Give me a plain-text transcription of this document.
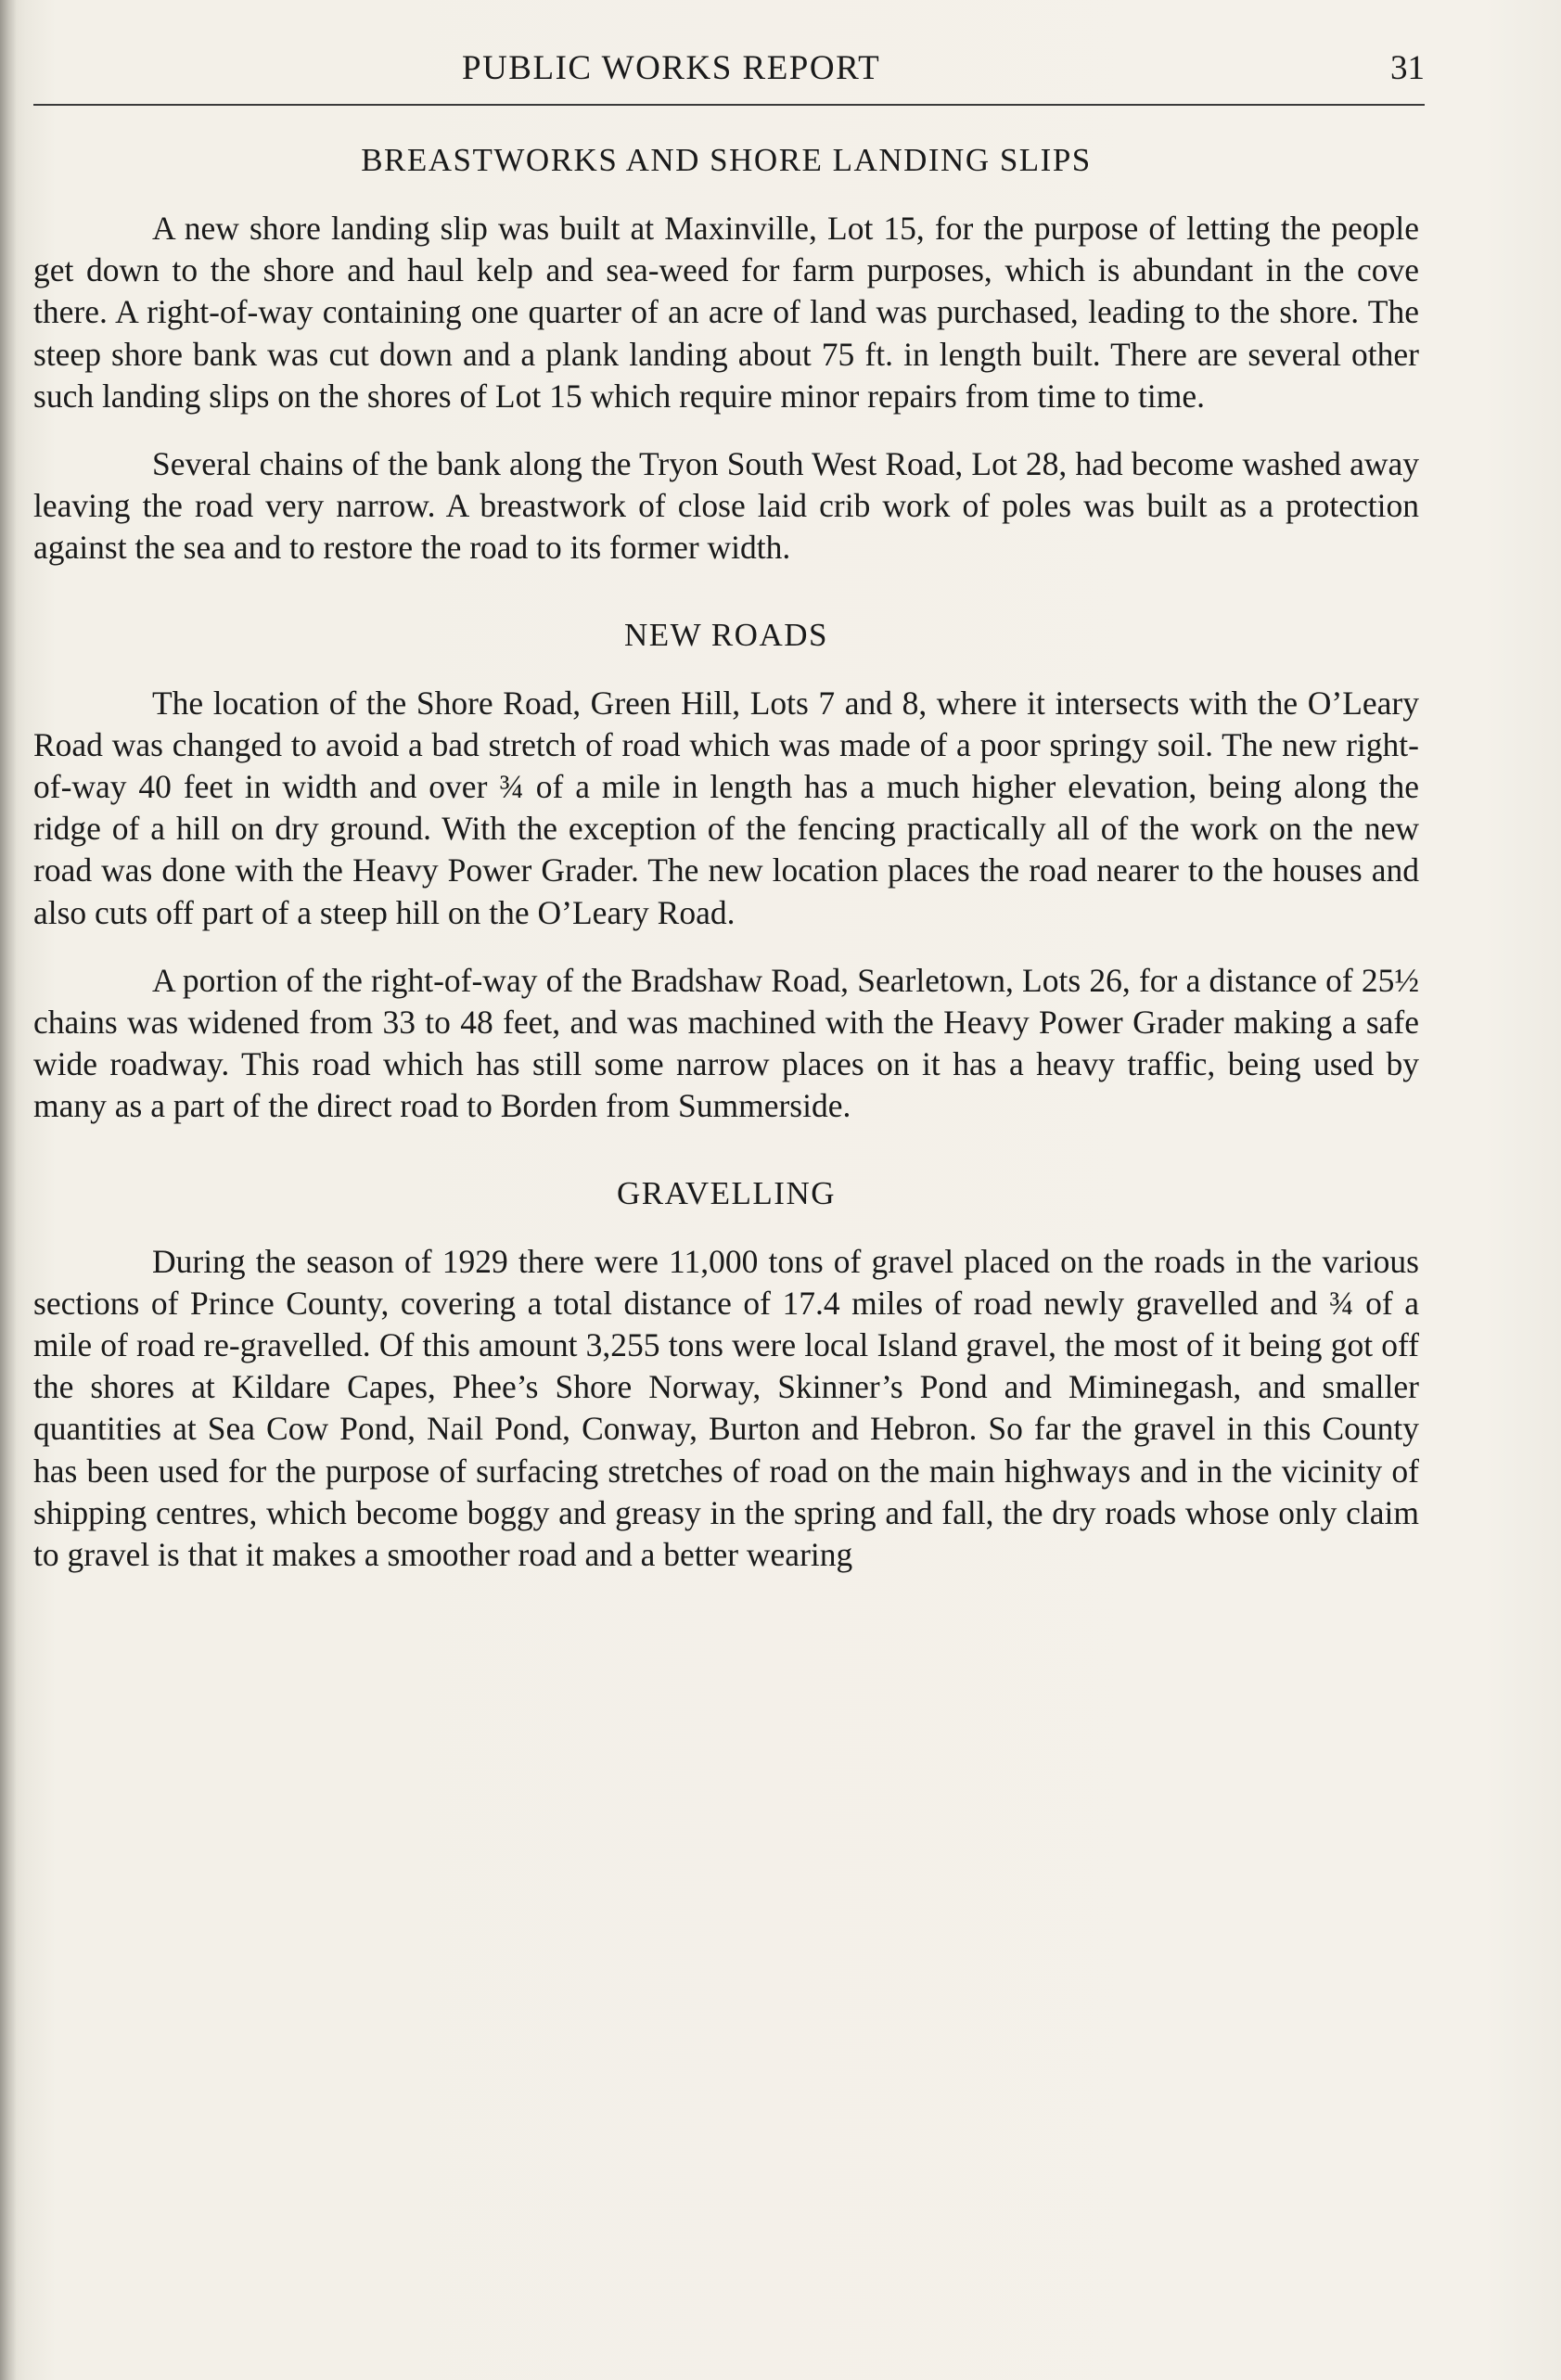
PUBLIC WORKS REPORT	31
BREASTWORKS AND SHORE LANDING SLIPS

A new shore landing slip was built at Maxinville, Lot 15, for the purpose of letting the people get down to the shore and haul kelp and sea-weed for farm purposes, which is abundant in the cove there. A right-of-way containing one quarter of an acre of land was purchased, leading to the shore. The steep shore bank was cut down and a plank landing about 75 ft. in length built. There are several other such landing slips on the shores of Lot 15 which require minor repairs from time to time.

Several chains of the bank along the Tryon South West Road, Lot 28, had become washed away leaving the road very narrow. A breastwork of close laid crib work of poles was built as a protection against the sea and to restore the road to its former width.

NEW ROADS

The location of the Shore Road, Green Hill, Lots 7 and 8, where it intersects with the O’Leary Road was changed to avoid a bad stretch of road which was made of a poor springy soil. The new right-of-way 40 feet in width and over ¾ of a mile in length has a much higher elevation, being along the ridge of a hill on dry ground. With the exception of the fencing practically all of the work on the new road was done with the Heavy Power Grader. The new location places the road nearer to the houses and also cuts off part of a steep hill on the O’Leary Road.

A portion of the right-of-way of the Bradshaw Road, Searletown, Lots 26, for a distance of 25½ chains was widened from 33 to 48 feet, and was machined with the Heavy Power Grader making a safe wide roadway. This road which has still some narrow places on it has a heavy traffic, being used by many as a part of the direct road to Borden from Summerside.

GRAVELLING

During the season of 1929 there were 11,000 tons of gravel placed on the roads in the various sections of Prince County, covering a total distance of 17.4 miles of road newly gravelled and ¾ of a mile of road re-gravelled. Of this amount 3,255 tons were local Island gravel, the most of it being got off the shores at Kildare Capes, Phee’s Shore Norway, Skinner’s Pond and Miminegash, and smaller quantities at Sea Cow Pond, Nail Pond, Conway, Burton and Hebron. So far the gravel in this County has been used for the purpose of surfacing stretches of road on the main highways and in the vicinity of shipping centres, which become boggy and greasy in the spring and fall, the dry roads whose only claim to gravel is that it makes a smoother road and a better wearing
